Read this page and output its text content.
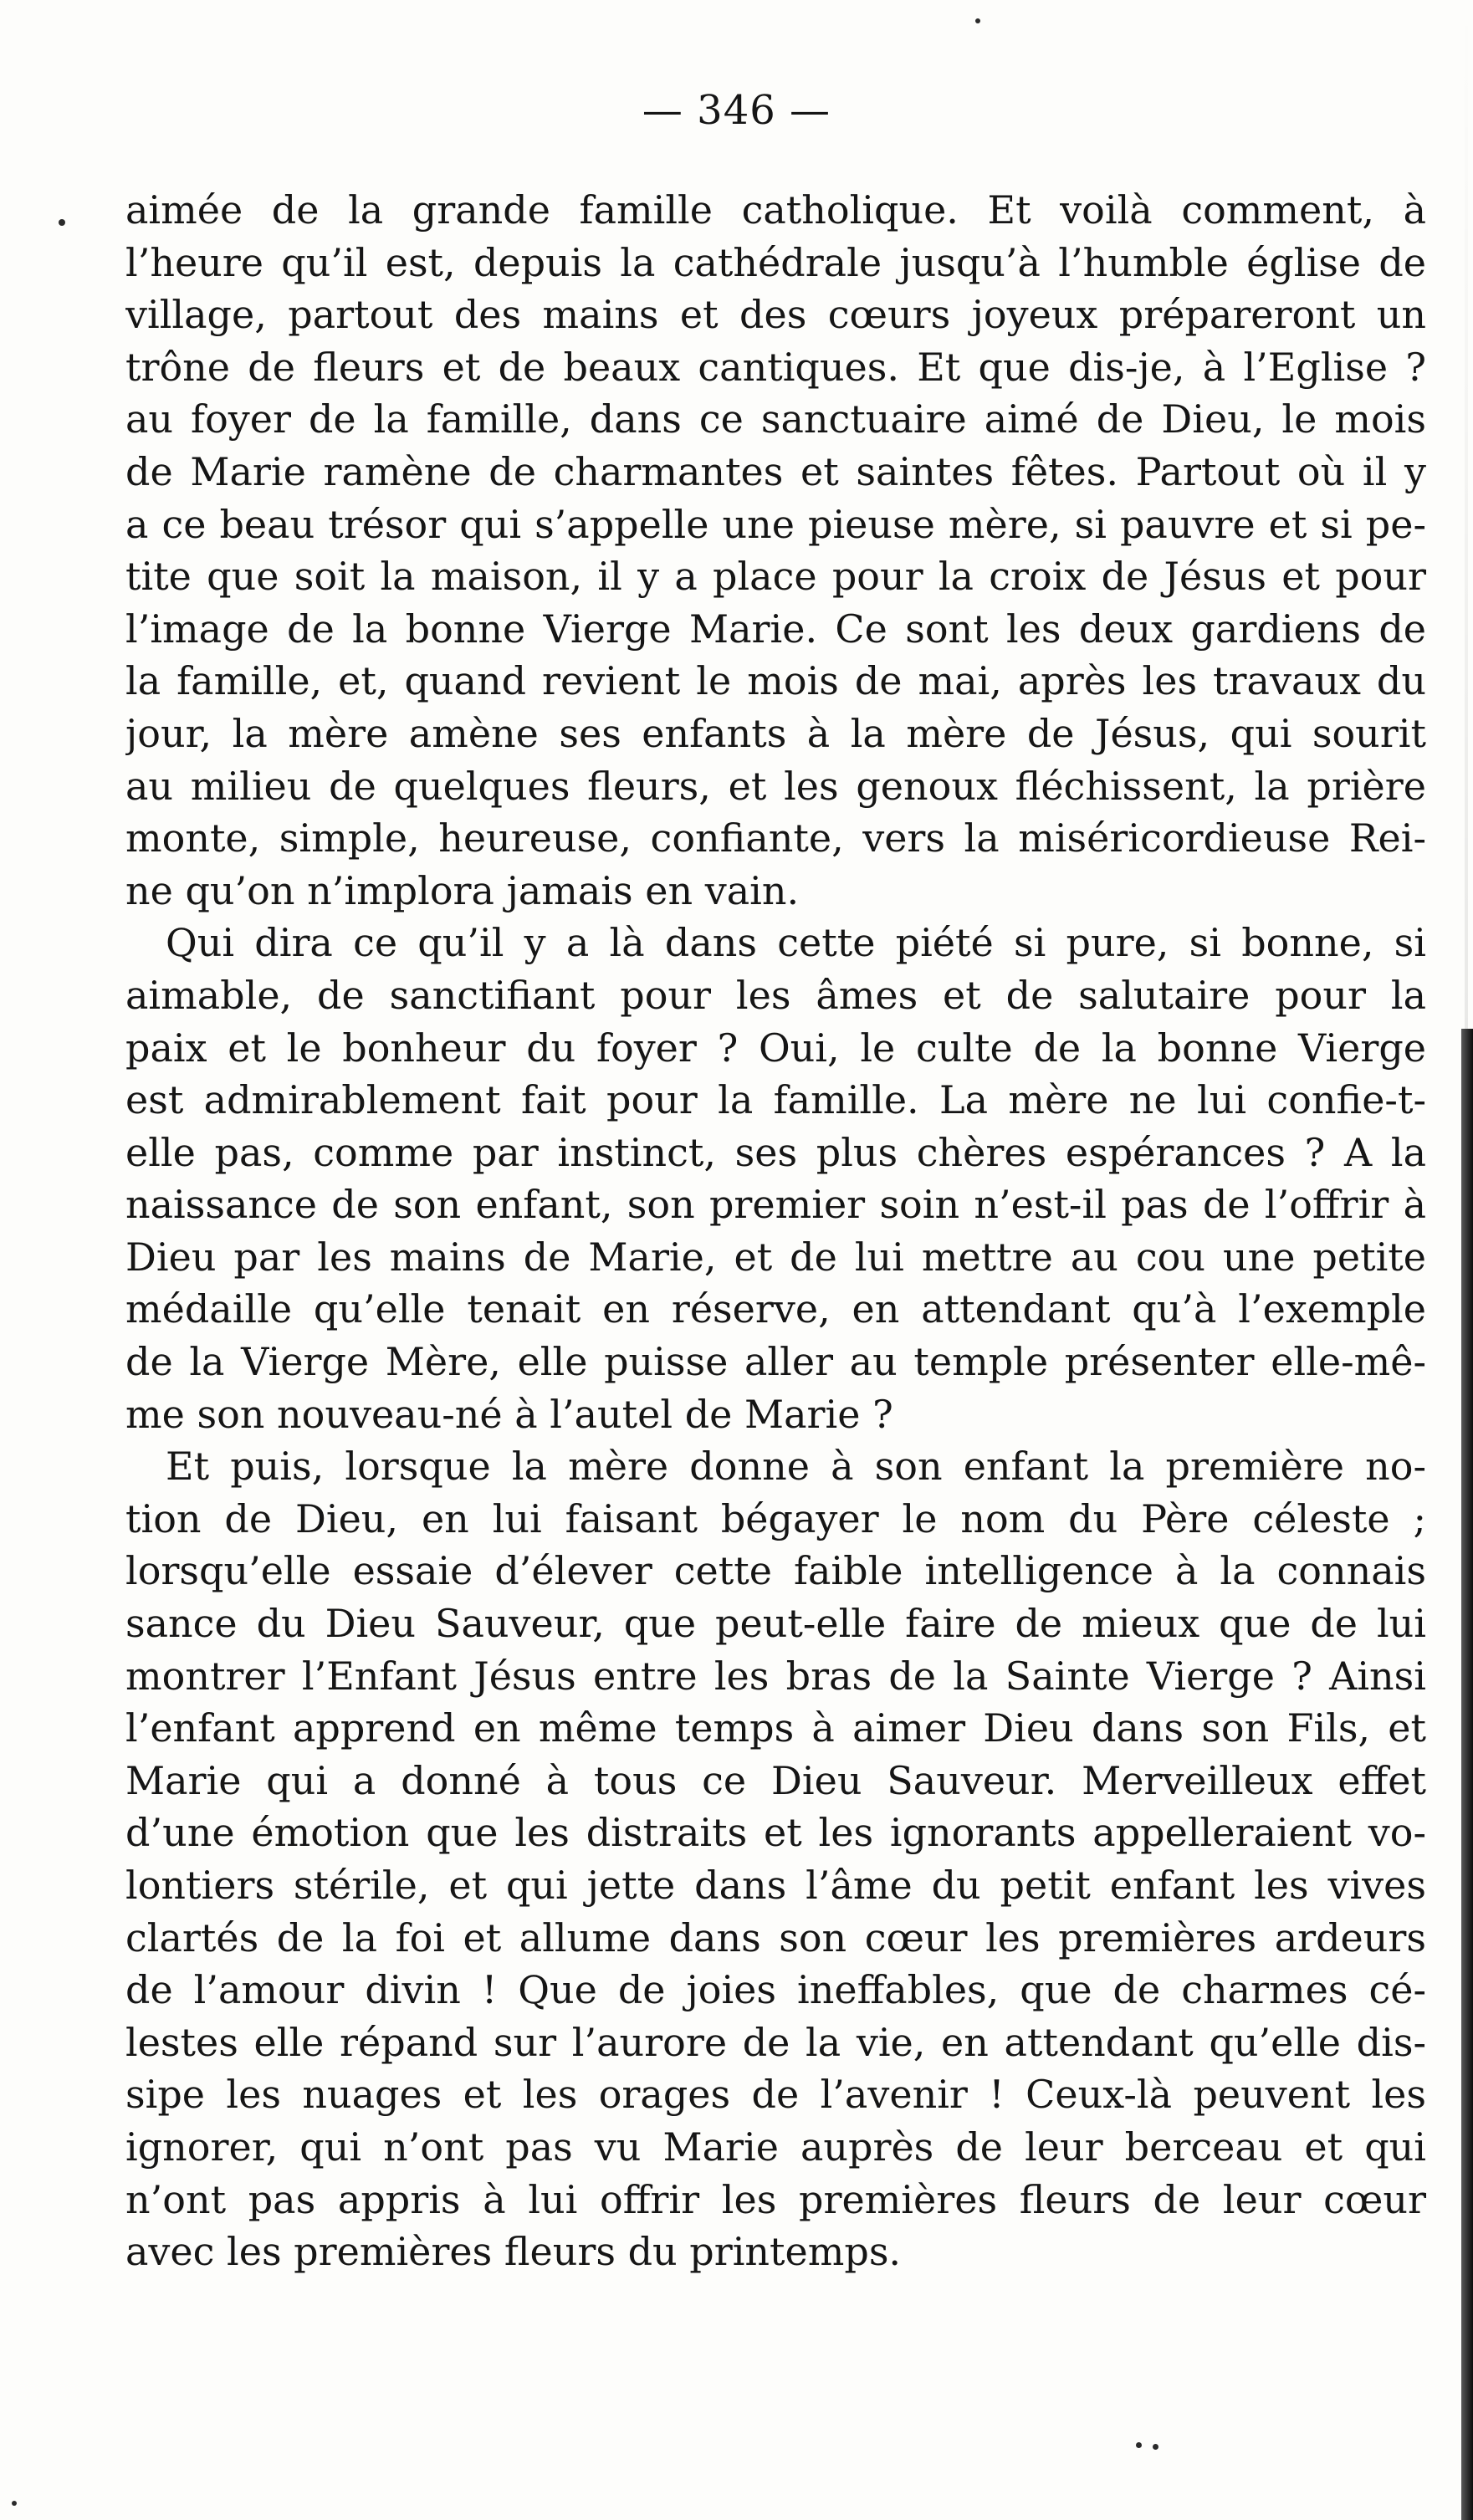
— 346 —
aimée de la grande famille catholique. Et voilà comment, à
l’heure qu’il est, depuis la cathédrale jusqu’à l’humble église de
village, partout des mains et des cœurs joyeux prépareront un
trône de fleurs et de beaux cantiques. Et que dis-je, à l’Eglise ?
au foyer de la famille, dans ce sanctuaire aimé de Dieu, le mois
de Marie ramène de charmantes et saintes fêtes. Partout où il y
a ce beau trésor qui s’appelle une pieuse mère, si pauvre et si pe-
tite que soit la maison, il y a place pour la croix de Jésus et pour
l’image de la bonne Vierge Marie. Ce sont les deux gardiens de
la famille, et, quand revient le mois de mai, après les travaux du
jour, la mère amène ses enfants à la mère de Jésus, qui sourit
au milieu de quelques fleurs, et les genoux fléchissent, la prière
monte, simple, heureuse, confiante, vers la miséricordieuse Rei-
ne qu’on n’implora jamais en vain.
Qui dira ce qu’il y a là dans cette piété si pure, si bonne, si
aimable, de sanctifiant pour les âmes et de salutaire pour la
paix et le bonheur du foyer ? Oui, le culte de la bonne Vierge
est admirablement fait pour la famille. La mère ne lui confie-t-
elle pas, comme par instinct, ses plus chères espérances ? A la
naissance de son enfant, son premier soin n’est-il pas de l’offrir à
Dieu par les mains de Marie, et de lui mettre au cou une petite
médaille qu’elle tenait en réserve, en attendant qu’à l’exemple
de la Vierge Mère, elle puisse aller au temple présenter elle-mê-
me son nouveau-né à l’autel de Marie ?
Et puis, lorsque la mère donne à son enfant la première no-
tion de Dieu, en lui faisant bégayer le nom du Père céleste ;
lorsqu’elle essaie d’élever cette faible intelligence à la connais
sance du Dieu Sauveur, que peut-elle faire de mieux que de lui
montrer l’Enfant Jésus entre les bras de la Sainte Vierge ? Ainsi
l’enfant apprend en même temps à aimer Dieu dans son Fils, et
Marie qui a donné à tous ce Dieu Sauveur. Merveilleux effet
d’une émotion que les distraits et les ignorants appelleraient vo-
lontiers stérile, et qui jette dans l’âme du petit enfant les vives
clartés de la foi et allume dans son cœur les premières ardeurs
de l’amour divin ! Que de joies ineffables, que de charmes cé-
lestes elle répand sur l’aurore de la vie, en attendant qu’elle dis-
sipe les nuages et les orages de l’avenir ! Ceux-là peuvent les
ignorer, qui n’ont pas vu Marie auprès de leur berceau et qui
n’ont pas appris à lui offrir les premières fleurs de leur cœur
avec les premières fleurs du printemps.
